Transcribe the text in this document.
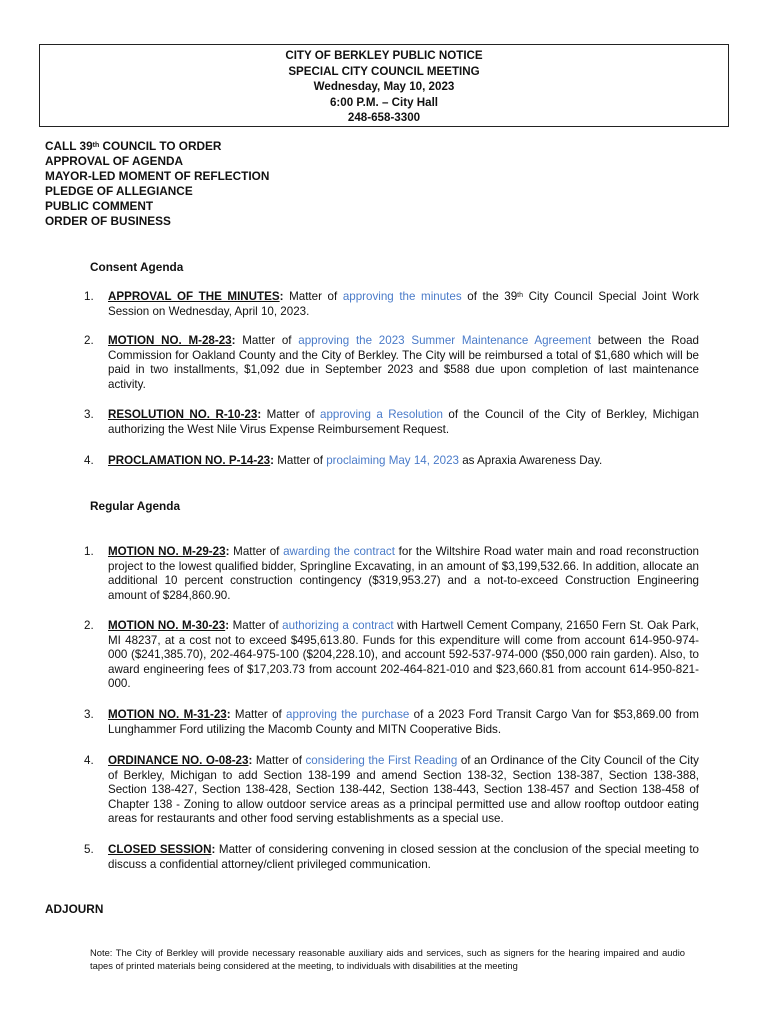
CITY OF BERKLEY PUBLIC NOTICE
SPECIAL CITY COUNCIL MEETING
Wednesday, May 10, 2023
6:00 P.M. – City Hall
248-658-3300
CALL 39th COUNCIL TO ORDER
APPROVAL OF AGENDA
MAYOR-LED MOMENT OF REFLECTION
PLEDGE OF ALLEGIANCE
PUBLIC COMMENT
ORDER OF BUSINESS
Consent Agenda
1. APPROVAL OF THE MINUTES: Matter of approving the minutes of the 39th City Council Special Joint Work Session on Wednesday, April 10, 2023.
2. MOTION NO. M-28-23: Matter of approving the 2023 Summer Maintenance Agreement between the Road Commission for Oakland County and the City of Berkley. The City will be reimbursed a total of $1,680 which will be paid in two installments, $1,092 due in September 2023 and $588 due upon completion of last maintenance activity.
3. RESOLUTION NO. R-10-23: Matter of approving a Resolution of the Council of the City of Berkley, Michigan authorizing the West Nile Virus Expense Reimbursement Request.
4. PROCLAMATION NO. P-14-23: Matter of proclaiming May 14, 2023 as Apraxia Awareness Day.
Regular Agenda
1. MOTION NO. M-29-23: Matter of awarding the contract for the Wiltshire Road water main and road reconstruction project to the lowest qualified bidder, Springline Excavating, in an amount of $3,199,532.66. In addition, allocate an additional 10 percent construction contingency ($319,953.27) and a not-to-exceed Construction Engineering amount of $284,860.90.
2. MOTION NO. M-30-23: Matter of authorizing a contract with Hartwell Cement Company, 21650 Fern St. Oak Park, MI 48237, at a cost not to exceed $495,613.80. Funds for this expenditure will come from account 614-950-974-000 ($241,385.70), 202-464-975-100 ($204,228.10), and account 592-537-974-000 ($50,000 rain garden). Also, to award engineering fees of $17,203.73 from account 202-464-821-010 and $23,660.81 from account 614-950-821-000.
3. MOTION NO. M-31-23: Matter of approving the purchase of a 2023 Ford Transit Cargo Van for $53,869.00 from Lunghammer Ford utilizing the Macomb County and MITN Cooperative Bids.
4. ORDINANCE NO. O-08-23: Matter of considering the First Reading of an Ordinance of the City Council of the City of Berkley, Michigan to add Section 138-199 and amend Section 138-32, Section 138-387, Section 138-388, Section 138-427, Section 138-428, Section 138-442, Section 138-443, Section 138-457 and Section 138-458 of Chapter 138 - Zoning to allow outdoor service areas as a principal permitted use and allow rooftop outdoor eating areas for restaurants and other food serving establishments as a special use.
5. CLOSED SESSION: Matter of considering convening in closed session at the conclusion of the special meeting to discuss a confidential attorney/client privileged communication.
ADJOURN
Note: The City of Berkley will provide necessary reasonable auxiliary aids and services, such as signers for the hearing impaired and audio tapes of printed materials being considered at the meeting, to individuals with disabilities at the meeting
